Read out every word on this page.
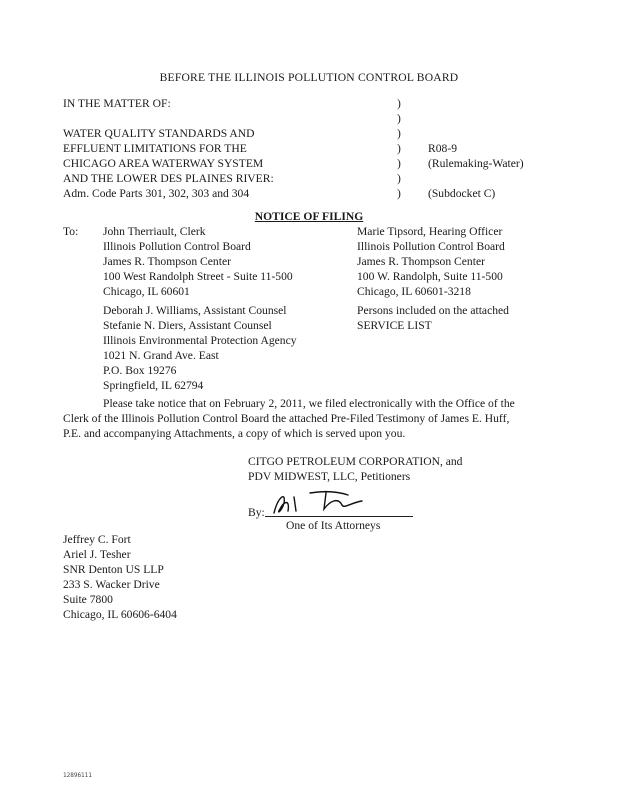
BEFORE THE ILLINOIS POLLUTION CONTROL BOARD
IN THE MATTER OF:
WATER QUALITY STANDARDS AND
EFFLUENT LIMITATIONS FOR THE
CHICAGO AREA WATERWAY SYSTEM
AND THE LOWER DES PLAINES RIVER:
Adm. Code Parts 301, 302, 303 and 304
)
)
)
)
)
)
)
R08-9
(Rulemaking-Water)
(Subdocket C)
NOTICE OF FILING
To: John Therriault, Clerk
Illinois Pollution Control Board
James R. Thompson Center
100 West Randolph Street - Suite 11-500
Chicago, IL 60601
Marie Tipsord, Hearing Officer
Illinois Pollution Control Board
James R. Thompson Center
100 W. Randolph, Suite 11-500
Chicago, IL 60601-3218
Deborah J. Williams, Assistant Counsel
Stefanie N. Diers, Assistant Counsel
Illinois Environmental Protection Agency
1021 N. Grand Ave. East
P.O. Box 19276
Springfield, IL 62794
Persons included on the attached
SERVICE LIST
Please take notice that on February 2, 2011, we filed electronically with the Office of the
Clerk of the Illinois Pollution Control Board the attached Pre-Filed Testimony of James E. Huff,
P.E. and accompanying Attachments, a copy of which is served upon you.
CITGO PETROLEUM CORPORATION, and
PDV MIDWEST, LLC, Petitioners
By:
One of Its Attorneys
Jeffrey C. Fort
Ariel J. Tesher
SNR Denton US LLP
233 S. Wacker Drive
Suite 7800
Chicago, IL 60606-6404
12896111
